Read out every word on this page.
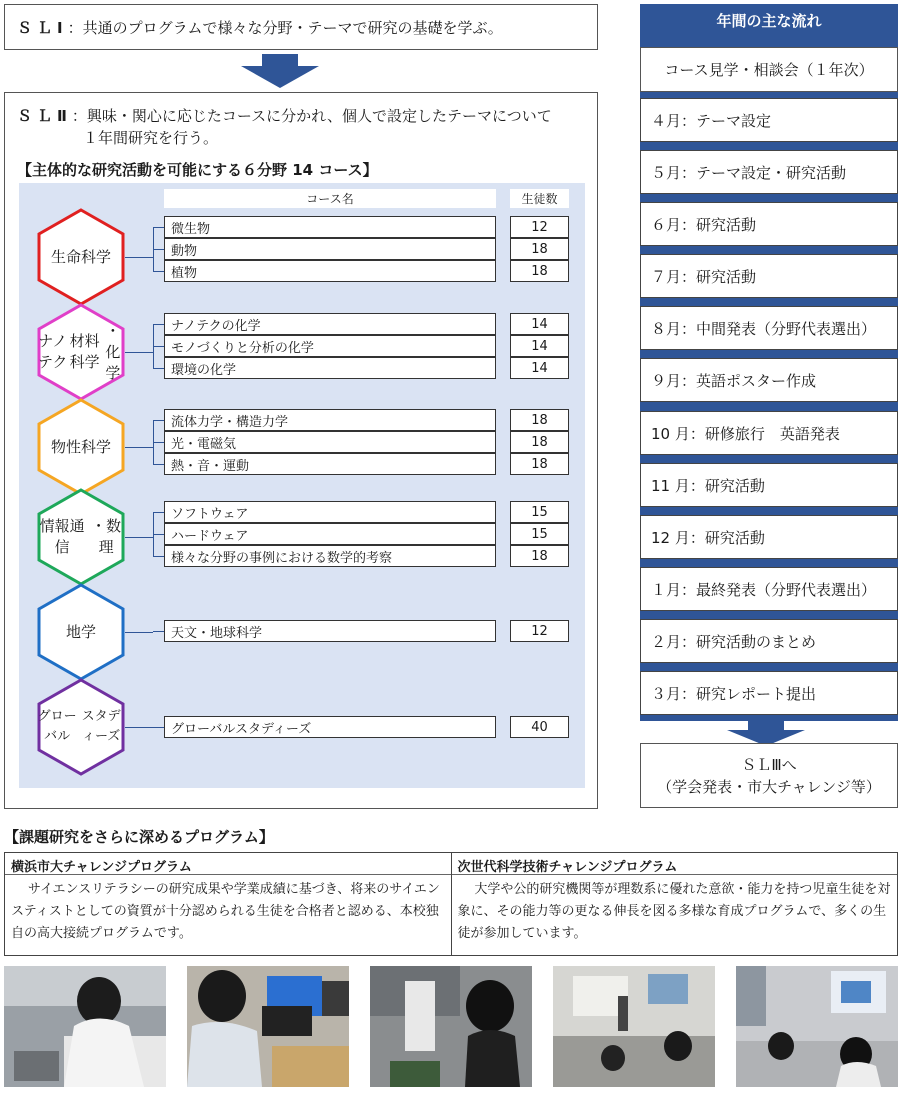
ＳＬⅠ ：共通のプログラムで様々な分野・テーマで研究の基礎を学ぶ。
ＳＬⅡ：興味・関心に応じたコースに分かれ、個人で設定したテーマについて
１年間研究を行う。
【主体的な研究活動を可能にする６分野 14 コース】
コース名	生徒数
生命科学
微生物	12
動物	18
植物	18
ナノテク
材料科学
・化学
ナノテクの化学	14
モノづくりと分析の化学	14
環境の化学	14
物性科学
流体力学・構造力学	18
光・電磁気	18
熱・音・運動	18
情報通信
・数理
ソフトウェア	15
ハードウェア	15
様々な分野の事例における数学的考察	18
地学	天文・地球科学	12
グローバル
スタディーズ	グローバルスタディーズ	40
年間の主な流れ
コース見学・相談会（１年次）
４月：テーマ設定
５月：テーマ設定・研究活動
６月：研究活動
７月：研究活動
８月：中間発表（分野代表選出）
９月：英語ポスター作成
10 月：研修旅行　英語発表
11 月：研究活動
12 月：研究活動
１月：最終発表（分野代表選出）
２月：研究活動のまとめ
３月：研究レポート提出
ＳＬⅢへ
（学会発表・市大チャレンジ等）
【課題研究をさらに深めるプログラム】
横浜市大チャレンジプログラム
サイエンスリテラシーの研究成果や学業成績に基づき、将来のサイエンスティストとしての資質が十分認められる生徒を合格者と認める、本校独自の高大接続プログラムです。
次世代科学技術チャレンジプログラム
大学や公的研究機関等が理数系に優れた意欲・能力を持つ児童生徒を対象に、その能力等の更なる伸長を図る多様な育成プログラムで、多くの生徒が参加しています。
